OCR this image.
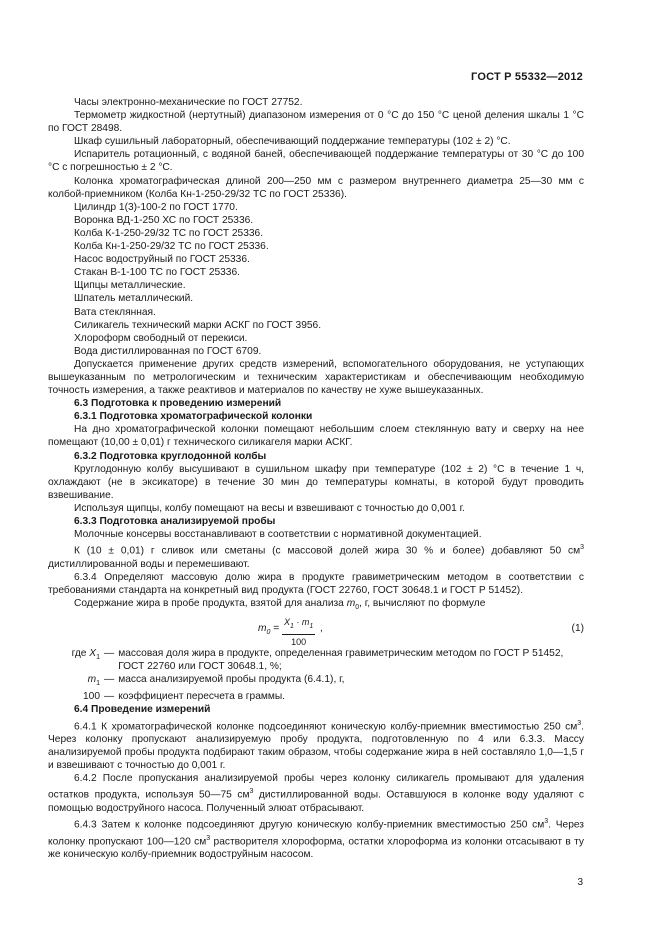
ГОСТ Р 55332—2012

Часы электронно-механические по ГОСТ 27752.

Термометр жидкостной (нертутный) диапазоном измерения от 0 °С до 150 °С ценой деления шкалы 1 °С по ГОСТ 28498.

Шкаф сушильный лабораторный, обеспечивающий поддержание температуры (102 ± 2) °С.

Испаритель ротационный, с водяной баней, обеспечивающей поддержание температуры от 30 °С до 100 °С с погрешностью ± 2 °С.

Колонка хроматографическая длиной 200—250 мм с размером внутреннего диаметра 25—30 мм с колбой-приемником (Колба Кн-1-250-29/32 ТС по ГОСТ 25336).

Цилиндр 1(3)-100-2 по ГОСТ 1770.

Воронка ВД-1-250 ХС по ГОСТ 25336.

Колба К-1-250-29/32 ТС по ГОСТ 25336.

Колба Кн-1-250-29/32 ТС по ГОСТ 25336.

Насос водоструйный по ГОСТ 25336.

Стакан В-1-100 ТС по ГОСТ 25336.

Щипцы металлические.

Шпатель металлический.

Вата стеклянная.

Силикагель технический марки АСКГ по ГОСТ 3956.

Хлороформ свободный от перекиси.

Вода дистиллированная по ГОСТ 6709.

Допускается применение других средств измерений, вспомогательного оборудования, не уступающих вышеуказанным по метрологическим и техническим характеристикам и обеспечивающим необходимую точность измерения, а также реактивов и материалов по качеству не хуже вышеуказанных.

6.3 Подготовка к проведению измерений

6.3.1 Подготовка хроматографической колонки

На дно хроматографической колонки помещают небольшим слоем стеклянную вату и сверху на нее помещают (10,00 ± 0,01) г технического силикагеля марки АСКГ.

6.3.2 Подготовка круглодонной колбы

Круглодонную колбу высушивают в сушильном шкафу при температуре (102 ± 2) °С в течение 1 ч, охлаждают (не в эксикаторе) в течение 30 мин до температуры комнаты, в которой будут проводить взвешивание.

Используя щипцы, колбу помещают на весы и взвешивают с точностью до 0,001 г.

6.3.3 Подготовка анализируемой пробы

Молочные консервы восстанавливают в соответствии с нормативной документацией.

К (10 ± 0,01) г сливок или сметаны (с массовой долей жира 30 % и более) добавляют 50 $см^3$ дистиллированной воды и перемешивают.

6.3.4 Определяют массовую долю жира в продукте гравиметрическим методом в соответствии с требованиями стандарта на конкретный вид продукта (ГОСТ 22760, ГОСТ 30648.1 и ГОСТ Р 51452).

Содержание жира в пробе продукта, взятой для анализа $m_0$, г, вычисляют по формуле

$m_0 = \frac{X_1 \cdot m_1}{100}$ ,	(1)
где $X_1$ — массовая доля жира в продукте, определенная гравиметрическим методом по ГОСТ Р 51452, ГОСТ 22760 или ГОСТ 30648.1, %;
$m_1$ — масса анализируемой пробы продукта (6.4.1), г,
100 — коэффициент пересчета в граммы.

6.4 Проведение измерений

6.4.1 К хроматографической колонке подсоединяют коническую колбу-приемник вместимостью 250 $см^3$. Через колонку пропускают анализируемую пробу продукта, подготовленную по 4 или 6.3.3. Массу анализируемой пробы продукта подбирают таким образом, чтобы содержание жира в ней составляло 1,0—1,5 г и взвешивают с точностью до 0,001 г.

6.4.2 После пропускания анализируемой пробы через колонку силикагель промывают для удаления остатков продукта, используя 50—75 $см^3$ дистиллированной воды. Оставшуюся в колонке воду удаляют с помощью водоструйного насоса. Полученный элюат отбрасывают.

6.4.3 Затем к колонке подсоединяют другую коническую колбу-приемник вместимостью 250 $см^3$. Через колонку пропускают 100—120 $см^3$ растворителя хлороформа, остатки хлороформа из колонки отсасывают в ту же коническую колбу-приемник водоструйным насосом.

3
